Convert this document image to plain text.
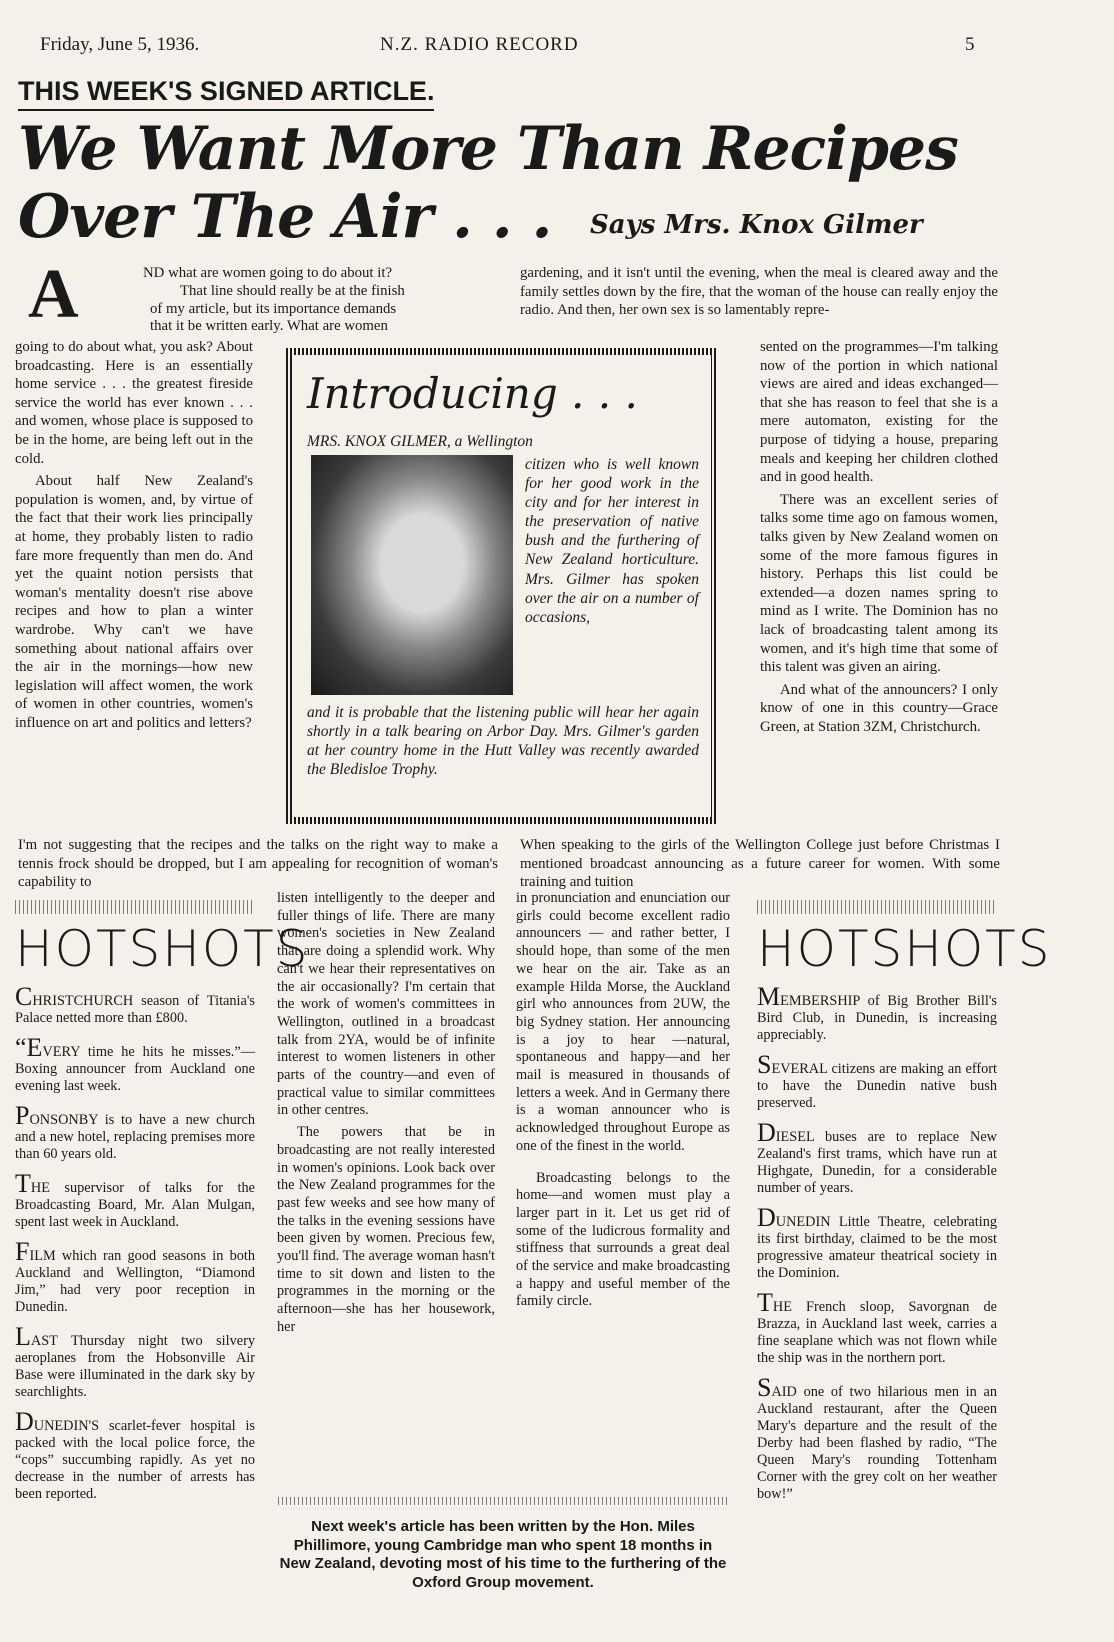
Friday, June 5, 1936.	N.Z. RADIO RECORD	5
THIS WEEK'S SIGNED ARTICLE.
We Want More Than Recipes
Over The Air . . . Says Mrs. Knox Gilmer
A	ND what are women going to do about it?
That line should really be at the finish
of my article, but its importance demands
that it be written early. What are women

going to do about what, you ask? About broadcasting. Here is an essentially home service . . . the greatest fireside service the world has ever known . . . and women, whose place is supposed to be in the home, are being left out in the cold.

About half New Zealand's population is women, and, by virtue of the fact that their work lies principally at home, they probably listen to radio fare more frequently than men do. And yet the quaint notion persists that woman's mentality doesn't rise above recipes and how to plan a winter wardrobe. Why can't we have something about national affairs over the air in the mornings—how new legislation will affect women, the work of women in other countries, women's influence on art and politics and letters?

gardening, and it isn't until the evening, when the meal is cleared away and the family settles down by the fire, that the woman of the house can really enjoy the radio. And then, her own sex is so lamentably repre-

sented on the programmes—I'm talking now of the portion in which national views are aired and ideas exchanged—that she has reason to feel that she is a mere automaton, existing for the purpose of tidying a house, preparing meals and keeping her children clothed and in good health.

There was an excellent series of talks some time ago on famous women, talks given by New Zealand women on some of the more famous figures in history. Perhaps this list could be extended—a dozen names spring to mind as I write. The Dominion has no lack of broadcasting talent among its women, and it's high time that some of this talent was given an airing.

And what of the announcers? I only know of one in this country—Grace Green, at Station 3ZM, Christchurch.

Introducing . . .
MRS. KNOX GILMER, a Wellington
citizen who is well known for her good work in the city and for her interest in the preservation of native bush and the furthering of New Zealand horticulture. Mrs. Gilmer has spoken over the air on a number of occasions,
and it is probable that the listening public will hear her again shortly in a talk bearing on Arbor Day. Mrs. Gilmer's garden at her country home in the Hutt Valley was recently awarded the Bledisloe Trophy.
I'm not suggesting that the recipes and the talks on the right way to make a tennis frock should be dropped, but I am appealing for recognition of woman's capability to
When speaking to the girls of the Wellington College just before Christmas I mentioned broadcast announcing as a future career for women. With some training and tuition

listen intelligently to the deeper and fuller things of life. There are many women's societies in New Zealand that are doing a splendid work. Why can't we hear their representatives on the air occasionally? I'm certain that the work of women's committees in Wellington, outlined in a broadcast talk from 2YA, would be of infinite interest to women listeners in other parts of the country—and even of practical value to similar committees in other centres.

The powers that be in broadcasting are not really interested in women's opinions. Look back over the New Zealand programmes for the past few weeks and see how many of the talks in the evening sessions have been given by women. Precious few, you'll find. The average woman hasn't time to sit down and listen to the programmes in the morning or the afternoon—she has her housework, her

in pronunciation and enunciation our girls could become excellent radio announcers — and rather better, I should hope, than some of the men we hear on the air. Take as an example Hilda Morse, the Auckland girl who announces from 2UW, the big Sydney station. Her announcing is a joy to hear —natural, spontaneous and happy—and her mail is measured in thousands of letters a week. And in Germany there is a woman announcer who is acknowledged throughout Europe as one of the finest in the world.

Broadcasting belongs to the home—and women must play a larger part in it. Let us get rid of some of the ludicrous formality and stiffness that surrounds a great deal of the service and make broadcasting a happy and useful member of the family circle.

HOTSHOTS

CHRISTCHURCH season of Titania's Palace netted more than £800.

“EVERY time he hits he misses.”—Boxing announcer from Auckland one evening last week.

PONSONBY is to have a new church and a new hotel, replacing premises more than 60 years old.

THE supervisor of talks for the Broadcasting Board, Mr. Alan Mulgan, spent last week in Auckland.

FILM which ran good seasons in both Auckland and Wellington, “Diamond Jim,” had very poor reception in Dunedin.

LAST Thursday night two silvery aeroplanes from the Hobsonville Air Base were illuminated in the dark sky by searchlights.

DUNEDIN'S scarlet-fever hospital is packed with the local police force, the “cops” succumbing rapidly. As yet no decrease in the number of arrests has been reported.

HOTSHOTS

MEMBERSHIP of Big Brother Bill's Bird Club, in Dunedin, is increasing appreciably.

SEVERAL citizens are making an effort to have the Dunedin native bush preserved.

DIESEL buses are to replace New Zealand's first trams, which have run at Highgate, Dunedin, for a considerable number of years.

DUNEDIN Little Theatre, celebrating its first birthday, claimed to be the most progressive amateur theatrical society in the Dominion.

THE French sloop, Savorgnan de Brazza, in Auckland last week, carries a fine seaplane which was not flown while the ship was in the northern port.

SAID one of two hilarious men in an Auckland restaurant, after the Queen Mary's departure and the result of the Derby had been flashed by radio, “The Queen Mary's rounding Tottenham Corner with the grey colt on her weather bow!”

Next week's article has been written by the Hon. Miles Phillimore, young Cambridge man who spent 18 months in New Zealand, devoting most of his time to the furthering of the Oxford Group movement.
